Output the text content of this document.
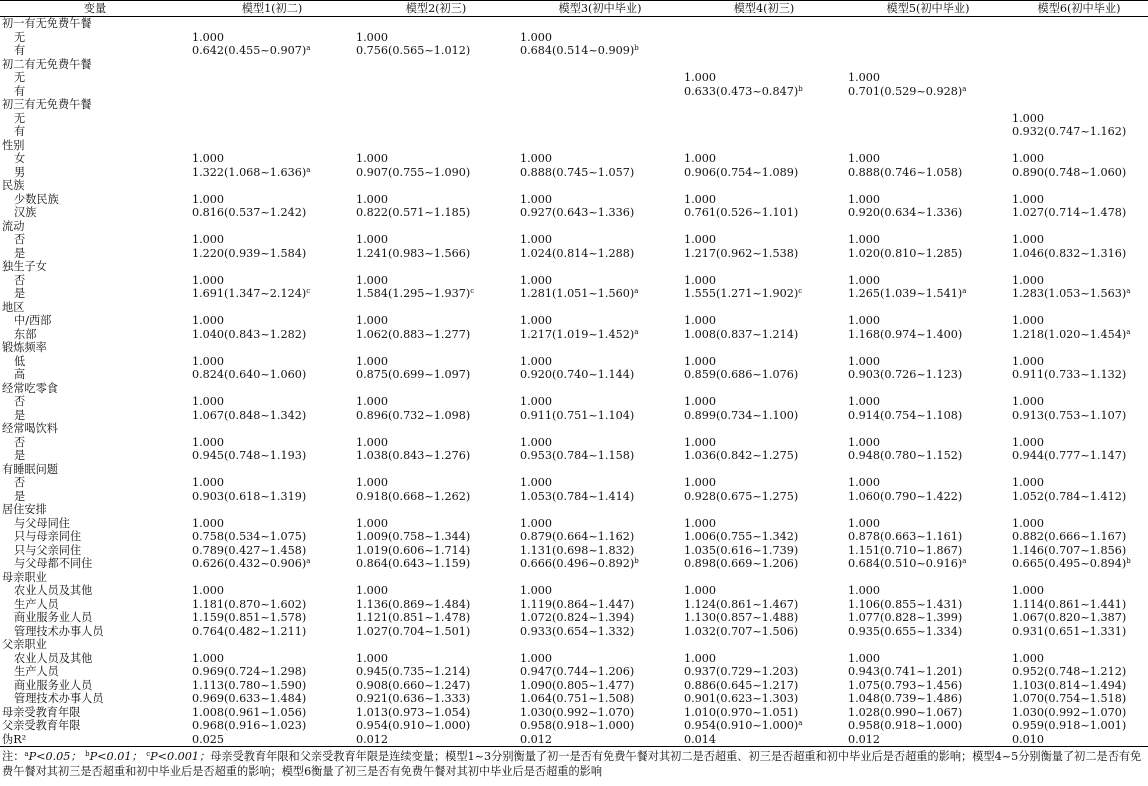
变量	模型1(初二)	模型2(初三)	模型3(初中毕业)	模型4(初三)	模型5(初中毕业)	模型6(初中毕业)
初一有无免费午餐						
无	1.000	1.000	1.000			
有	0.642(0.455~0.907)$^a$	0.756(0.565~1.012)	0.684(0.514~0.909)$^b$			
初二有无免费午餐						
无				1.000	1.000	
有				0.633(0.473~0.847)$^b$	0.701(0.529~0.928)$^a$	
初三有无免费午餐						
无						1.000
有						0.932(0.747~1.162)
性别						
女	1.000	1.000	1.000	1.000	1.000	1.000
男	1.322(1.068~1.636)$^a$	0.907(0.755~1.090)	0.888(0.745~1.057)	0.906(0.754~1.089)	0.888(0.746~1.058)	0.890(0.748~1.060)
民族						
少数民族	1.000	1.000	1.000	1.000	1.000	1.000
汉族	0.816(0.537~1.242)	0.822(0.571~1.185)	0.927(0.643~1.336)	0.761(0.526~1.101)	0.920(0.634~1.336)	1.027(0.714~1.478)
流动						
否	1.000	1.000	1.000	1.000	1.000	1.000
是	1.220(0.939~1.584)	1.241(0.983~1.566)	1.024(0.814~1.288)	1.217(0.962~1.538)	1.020(0.810~1.285)	1.046(0.832~1.316)
独生子女						
否	1.000	1.000	1.000	1.000	1.000	1.000
是	1.691(1.347~2.124)$^c$	1.584(1.295~1.937)$^c$	1.281(1.051~1.560)$^a$	1.555(1.271~1.902)$^c$	1.265(1.039~1.541)$^a$	1.283(1.053~1.563)$^a$
地区						
中/西部	1.000	1.000	1.000	1.000	1.000	1.000
东部	1.040(0.843~1.282)	1.062(0.883~1.277)	1.217(1.019~1.452)$^a$	1.008(0.837~1.214)	1.168(0.974~1.400)	1.218(1.020~1.454)$^a$
锻炼频率						
低	1.000	1.000	1.000	1.000	1.000	1.000
高	0.824(0.640~1.060)	0.875(0.699~1.097)	0.920(0.740~1.144)	0.859(0.686~1.076)	0.903(0.726~1.123)	0.911(0.733~1.132)
经常吃零食						
否	1.000	1.000	1.000	1.000	1.000	1.000
是	1.067(0.848~1.342)	0.896(0.732~1.098)	0.911(0.751~1.104)	0.899(0.734~1.100)	0.914(0.754~1.108)	0.913(0.753~1.107)
经常喝饮料						
否	1.000	1.000	1.000	1.000	1.000	1.000
是	0.945(0.748~1.193)	1.038(0.843~1.276)	0.953(0.784~1.158)	1.036(0.842~1.275)	0.948(0.780~1.152)	0.944(0.777~1.147)
有睡眠问题						
否	1.000	1.000	1.000	1.000	1.000	1.000
是	0.903(0.618~1.319)	0.918(0.668~1.262)	1.053(0.784~1.414)	0.928(0.675~1.275)	1.060(0.790~1.422)	1.052(0.784~1.412)
居住安排						
与父母同住	1.000	1.000	1.000	1.000	1.000	1.000
只与母亲同住	0.758(0.534~1.075)	1.009(0.758~1.344)	0.879(0.664~1.162)	1.006(0.755~1.342)	0.878(0.663~1.161)	0.882(0.666~1.167)
只与父亲同住	0.789(0.427~1.458)	1.019(0.606~1.714)	1.131(0.698~1.832)	1.035(0.616~1.739)	1.151(0.710~1.867)	1.146(0.707~1.856)
与父母都不同住	0.626(0.432~0.906)$^a$	0.864(0.643~1.159)	0.666(0.496~0.892)$^b$	0.898(0.669~1.206)	0.684(0.510~0.916)$^a$	0.665(0.495~0.894)$^b$
母亲职业						
农业人员及其他	1.000	1.000	1.000	1.000	1.000	1.000
生产人员	1.181(0.870~1.602)	1.136(0.869~1.484)	1.119(0.864~1.447)	1.124(0.861~1.467)	1.106(0.855~1.431)	1.114(0.861~1.441)
商业服务业人员	1.159(0.851~1.578)	1.121(0.851~1.478)	1.072(0.824~1.394)	1.130(0.857~1.488)	1.077(0.828~1.399)	1.067(0.820~1.387)
管理技术办事人员	0.764(0.482~1.211)	1.027(0.704~1.501)	0.933(0.654~1.332)	1.032(0.707~1.506)	0.935(0.655~1.334)	0.931(0.651~1.331)
父亲职业						
农业人员及其他	1.000	1.000	1.000	1.000	1.000	1.000
生产人员	0.969(0.724~1.298)	0.945(0.735~1.214)	0.947(0.744~1.206)	0.937(0.729~1.203)	0.943(0.741~1.201)	0.952(0.748~1.212)
商业服务业人员	1.113(0.780~1.590)	0.908(0.660~1.247)	1.090(0.805~1.477)	0.886(0.645~1.217)	1.075(0.793~1.456)	1.103(0.814~1.494)
管理技术办事人员	0.969(0.633~1.484)	0.921(0.636~1.333)	1.064(0.751~1.508)	0.901(0.623~1.303)	1.048(0.739~1.486)	1.070(0.754~1.518)
母亲受教育年限	1.008(0.961~1.056)	1.013(0.973~1.054)	1.030(0.992~1.070)	1.010(0.970~1.051)	1.028(0.990~1.067)	1.030(0.992~1.070)
父亲受教育年限	0.968(0.916~1.023)	0.954(0.910~1.000)	0.958(0.918~1.000)	0.954(0.910~1.000)$^a$	0.958(0.918~1.000)	0.959(0.918~1.001)
伪R²	0.025	0.012	0.012	0.014	0.012	0.010
注：$^a$P<0.05； $^b$P<0.01； $^c$P<0.001；母亲受教育年限和父亲受教育年限是连续变量；模型1~3分别衡量了初一是否有免费午餐对其初二是否超重、初三是否超重和初中毕业后是否超重的影响；模型4~5分别衡量了初二是否有免费午餐对其初三是否超重和初中毕业后是否超重的影响；模型6衡量了初三是否有免费午餐对其初中毕业后是否超重的影响
